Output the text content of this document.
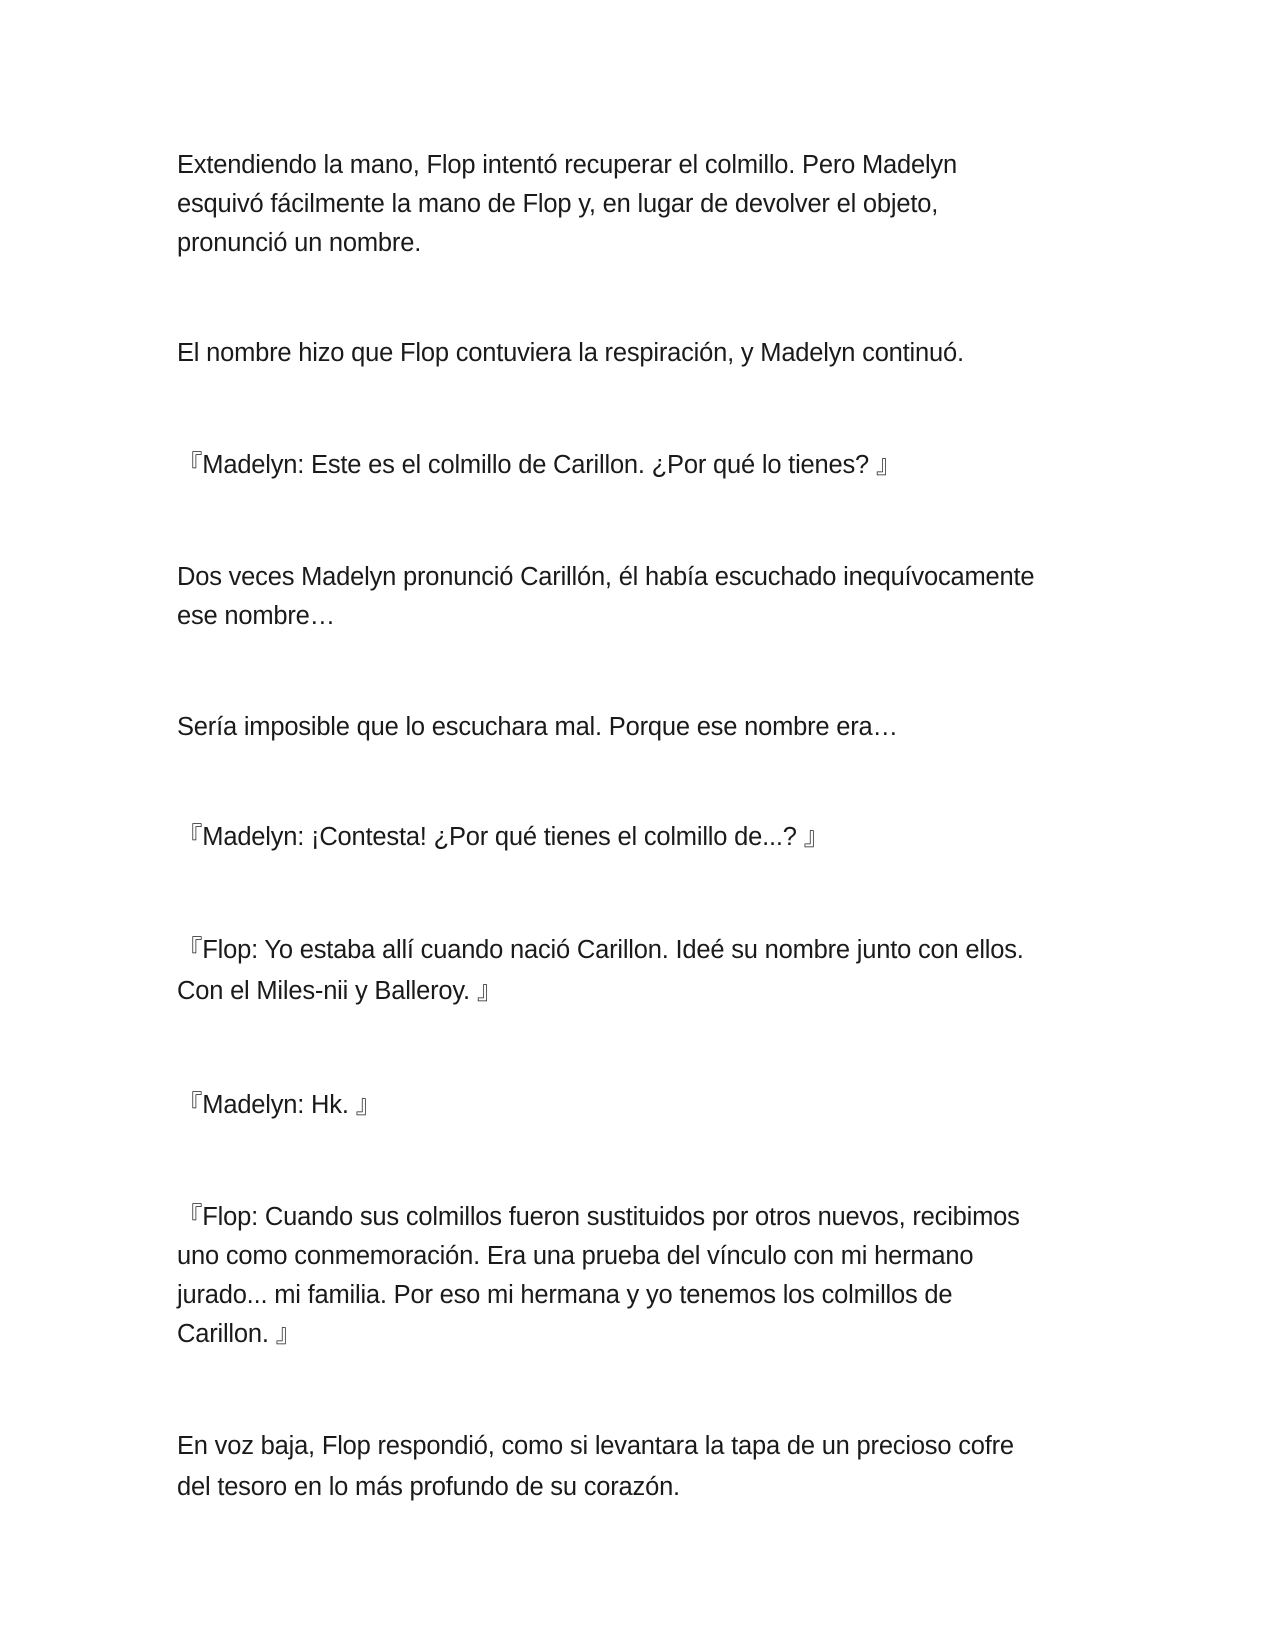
Extendiendo la mano, Flop intentó recuperar el colmillo. Pero Madelyn
esquivó fácilmente la mano de Flop y, en lugar de devolver el objeto,
pronunció un nombre.

El nombre hizo que Flop contuviera la respiración, y Madelyn continuó.

『Madelyn: Este es el colmillo de Carillon. ¿Por qué lo tienes? 』

Dos veces Madelyn pronunció Carillón, él había escuchado inequívocamente
ese nombre…

Sería imposible que lo escuchara mal. Porque ese nombre era…

『Madelyn: ¡Contesta! ¿Por qué tienes el colmillo de...? 』

『Flop: Yo estaba allí cuando nació Carillon. Ideé su nombre junto con ellos.
Con el Miles-nii y Balleroy. 』

『Madelyn: Hk. 』

『Flop: Cuando sus colmillos fueron sustituidos por otros nuevos, recibimos
uno como conmemoración. Era una prueba del vínculo con mi hermano
jurado... mi familia. Por eso mi hermana y yo tenemos los colmillos de
Carillon. 』

En voz baja, Flop respondió, como si levantara la tapa de un precioso cofre
del tesoro en lo más profundo de su corazón.
